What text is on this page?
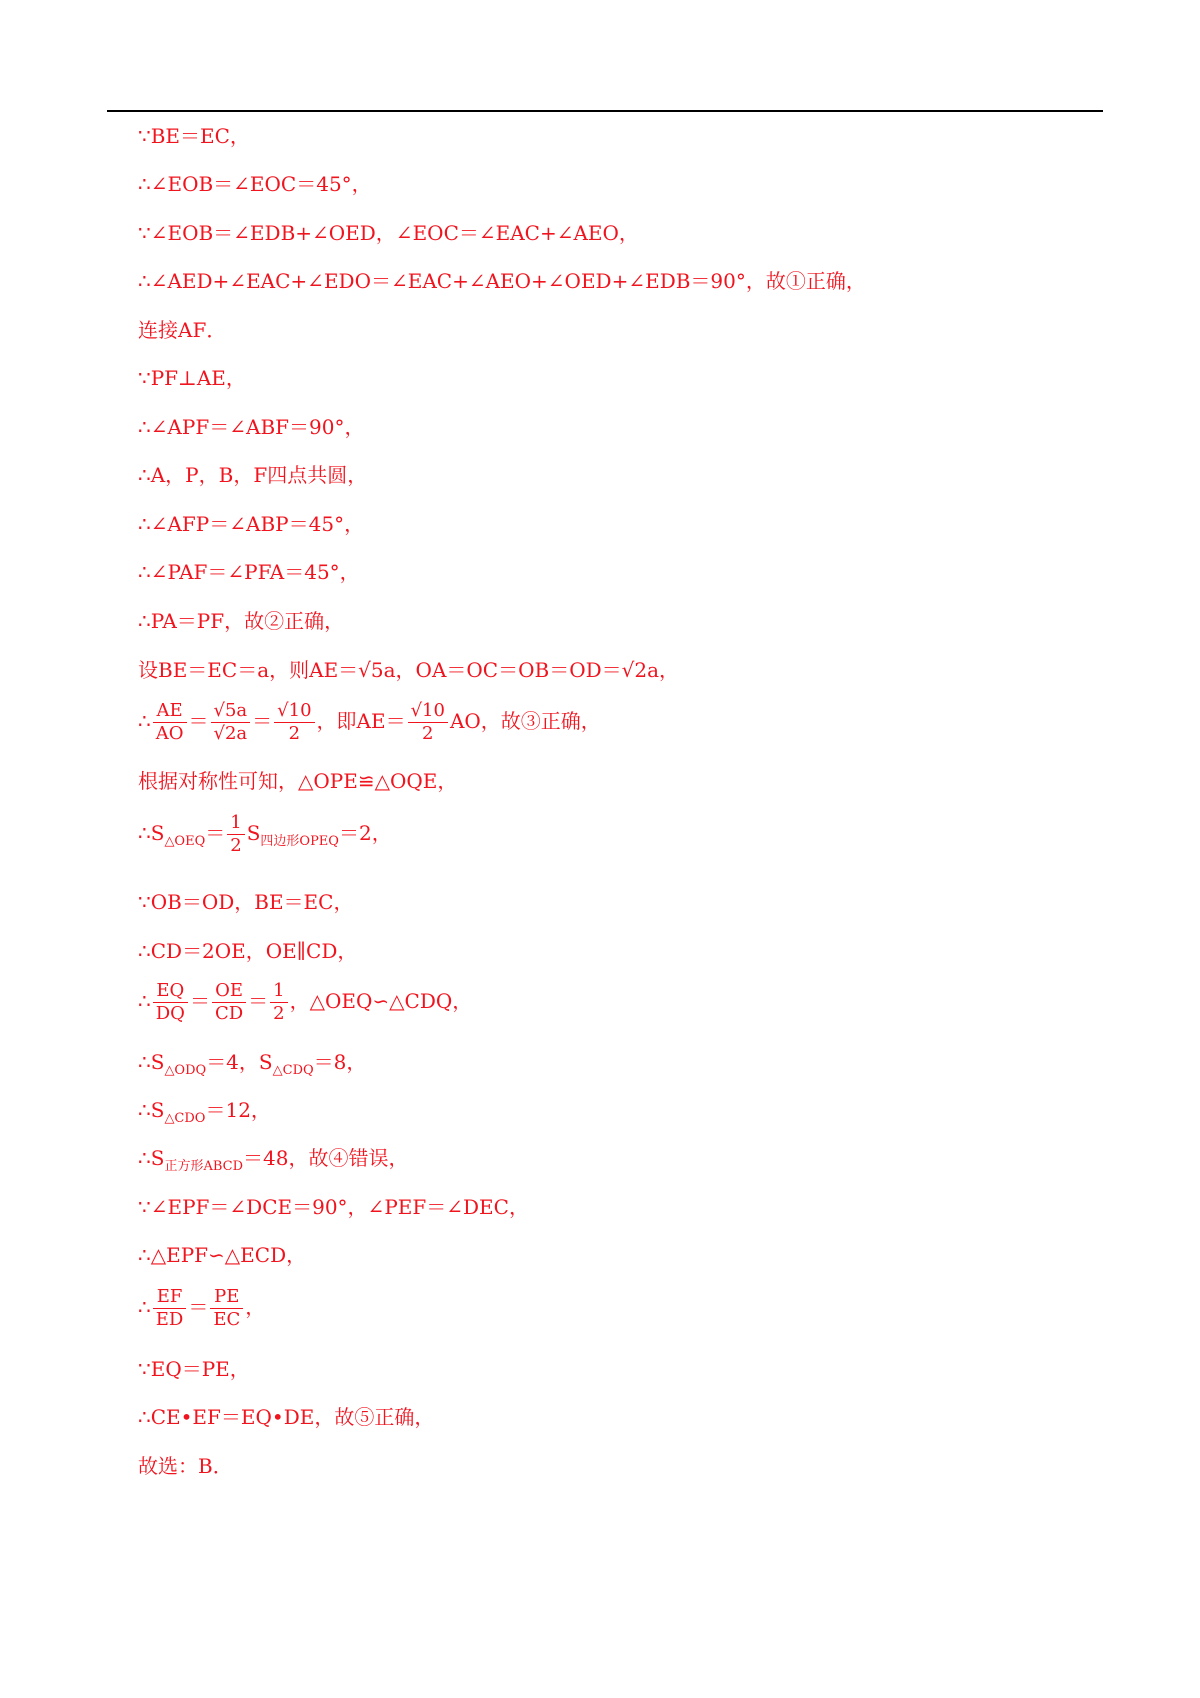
∵BE＝EC，
∴∠EOB＝∠EOC＝45°，
∵∠EOB＝∠EDB+∠OED，∠EOC＝∠EAC+∠AEO，
∴∠AED+∠EAC+∠EDO＝∠EAC+∠AEO+∠OED+∠EDB＝90°，故①正确，
连接AF．
∵PF⊥AE，
∴∠APF＝∠ABF＝90°，
∴A，P，B，F四点共圆，
∴∠AFP＝∠ABP＝45°，
∴∠PAF＝∠PFA＝45°，
∴PA＝PF，故②正确，
设BE＝EC＝a，则AE＝√5a，OA＝OC＝OB＝OD＝√2a，
∴ $\frac{AE}{AO} = \frac{√5a}{√2a} = \frac{√10}{2}$ ，即$AE= \frac{√10}{2}$ AO，故③正确，
根据对称性可知，△OPE≌△OQE，
$\therefore S_{\triangle OEQ}= \frac{1}{2} S_{四边形OPEQ}=2$，
∵OB＝OD，BE＝EC，
∴CD＝2OE，OE∥CD，
∴ $\frac{EQ}{DQ} = \frac{OE}{CD} = \frac{1}{2}$ ，△OEQ∽△CDQ，
$\therefore S_{\triangle ODQ}=4$，$S_{\triangle CDQ}=8$，
$\therefore S_{\triangle CDO}=12$，
$\therefore S_{正方形ABCD}=48$，故④错误，
∵∠EPF＝∠DCE＝90°，∠PEF＝∠DEC，
∴△EPF∽△ECD，
∴ $\frac{EF}{ED} = \frac{PE}{EC}$ ，
∵EQ＝PE，
∴CE•EF＝EQ•DE，故⑤正确，
故选：B．
